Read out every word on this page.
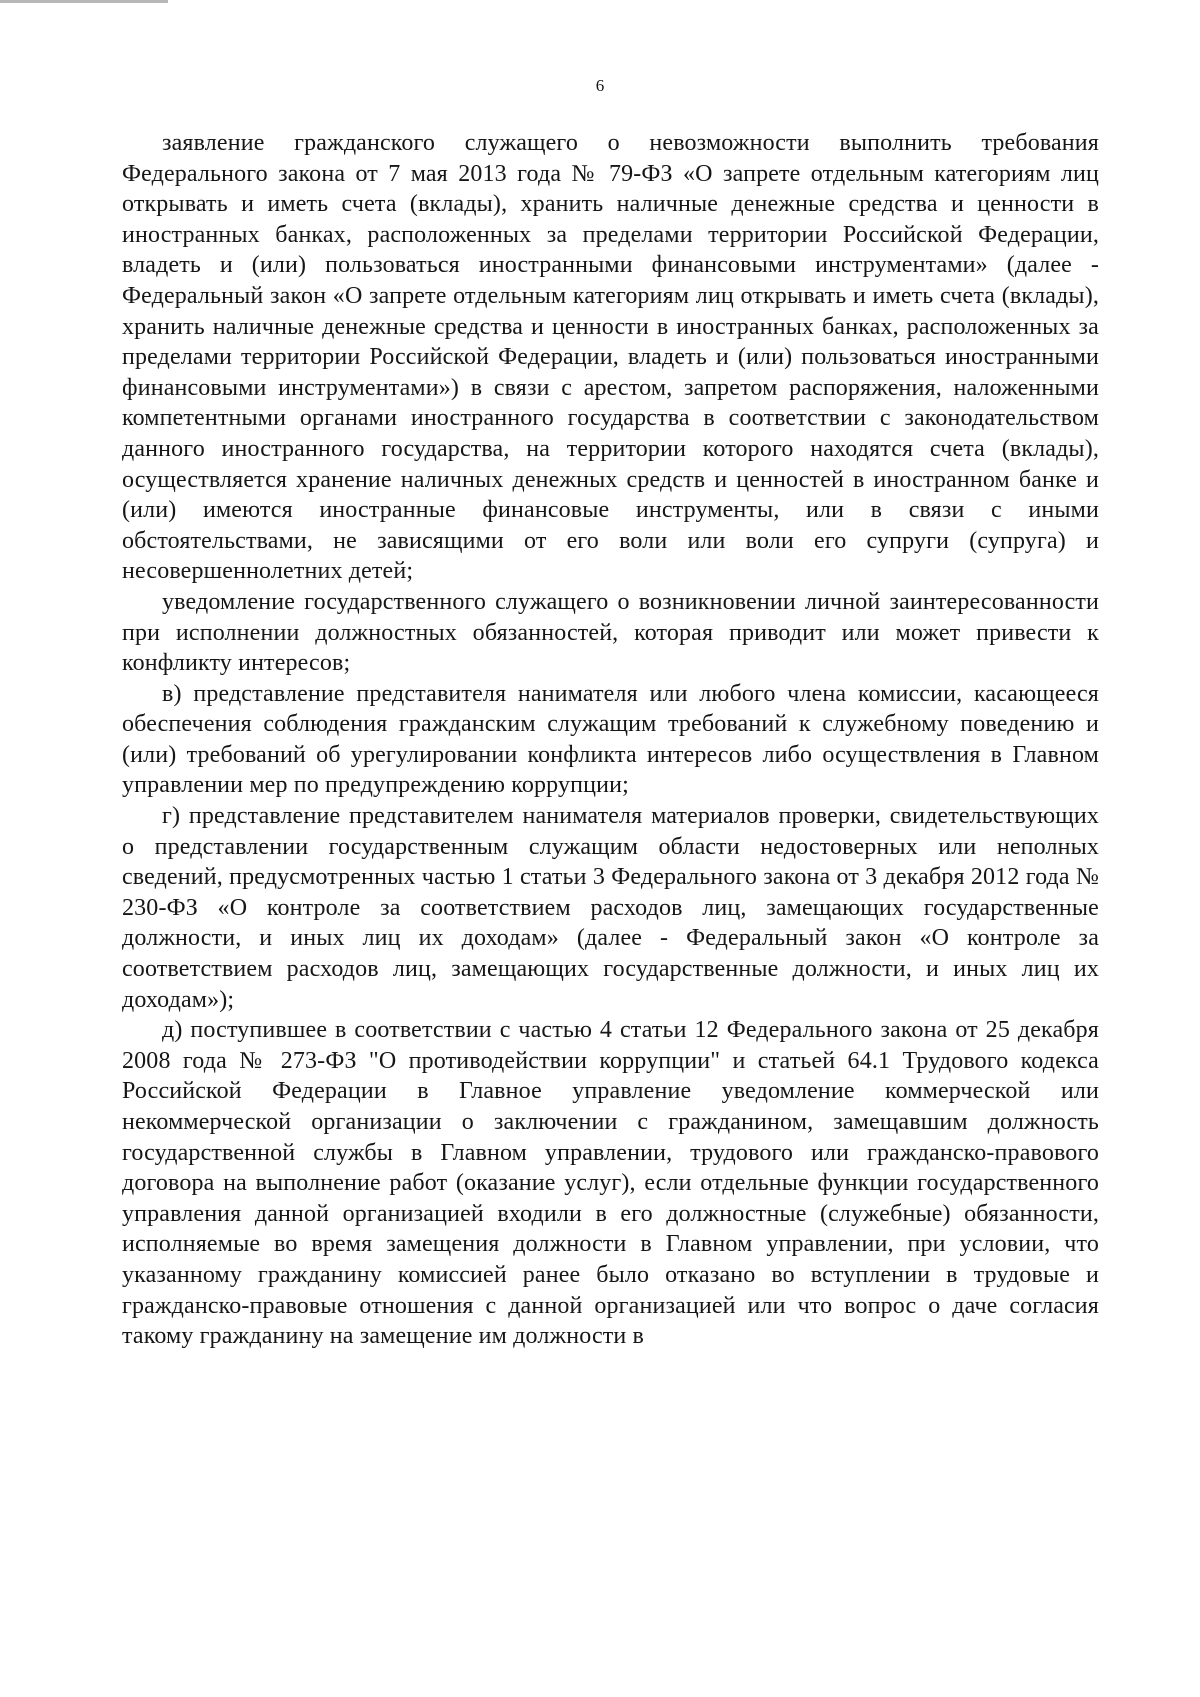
6

заявление гражданского служащего о невозможности выполнить требования Федерального закона от 7 мая 2013 года № 79-ФЗ «О запрете отдельным категориям лиц открывать и иметь счета (вклады), хранить наличные денежные средства и ценности в иностранных банках, расположенных за пределами территории Российской Федерации, владеть и (или) пользоваться иностранными финансовыми инструментами» (далее - Федеральный закон «О запрете отдельным категориям лиц открывать и иметь счета (вклады), хранить наличные денежные средства и ценности в иностранных банках, расположенных за пределами территории Российской Федерации, владеть и (или) пользоваться иностранными финансовыми инструментами») в связи с арестом, запретом распоряжения, наложенными компетентными органами иностранного государства в соответствии с законодательством данного иностранного государства, на территории которого находятся счета (вклады), осуществляется хранение наличных денежных средств и ценностей в иностранном банке и (или) имеются иностранные финансовые инструменты, или в связи с иными обстоятельствами, не зависящими от его воли или воли его супруги (супруга) и несовершеннолетних детей;

уведомление государственного служащего о возникновении личной заинтересованности при исполнении должностных обязанностей, которая приводит или может привести к конфликту интересов;

в) представление представителя нанимателя или любого члена комиссии, касающееся обеспечения соблюдения гражданским служащим требований к служебному поведению и (или) требований об урегулировании конфликта интересов либо осуществления в Главном управлении мер по предупреждению коррупции;

г) представление представителем нанимателя материалов проверки, свидетельствующих о представлении государственным служащим области недостоверных или неполных сведений, предусмотренных частью 1 статьи 3 Федерального закона от 3 декабря 2012 года № 230-ФЗ «О контроле за соответствием расходов лиц, замещающих государственные должности, и иных лиц их доходам» (далее - Федеральный закон «О контроле за соответствием расходов лиц, замещающих государственные должности, и иных лиц их доходам»);

д) поступившее в соответствии с частью 4 статьи 12 Федерального закона от 25 декабря 2008 года № 273-ФЗ "О противодействии коррупции" и статьей 64.1 Трудового кодекса Российской Федерации в Главное управление уведомление коммерческой или некоммерческой организации о заключении с гражданином, замещавшим должность государственной службы в Главном управлении, трудового или гражданско-правового договора на выполнение работ (оказание услуг), если отдельные функции государственного управления данной организацией входили в его должностные (служебные) обязанности, исполняемые во время замещения должности в Главном управлении, при условии, что указанному гражданину комиссией ранее было отказано во вступлении в трудовые и гражданско-правовые отношения с данной организацией или что вопрос о даче согласия такому гражданину на замещение им должности в
